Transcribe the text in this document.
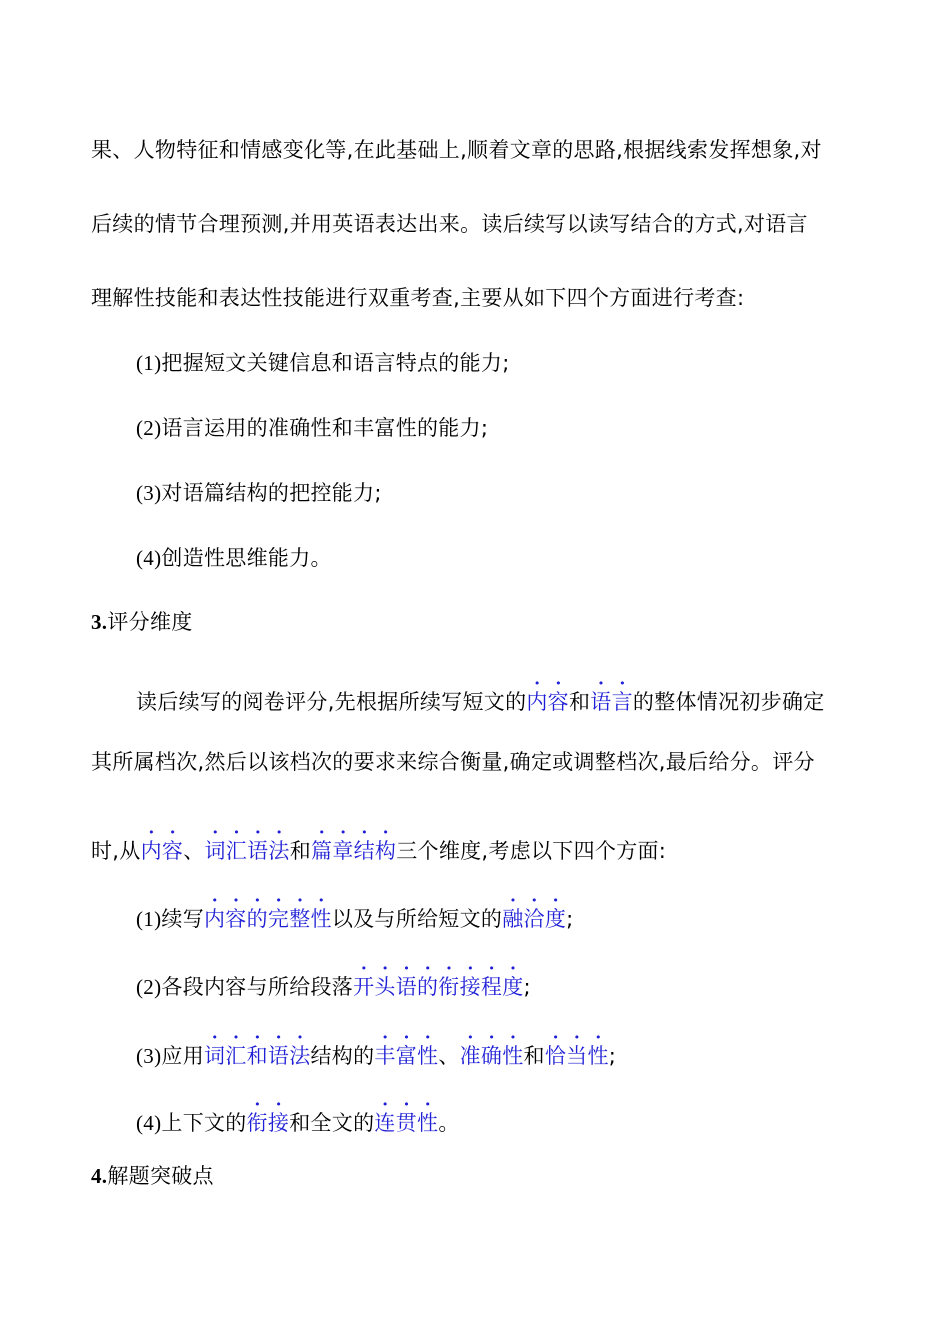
果、人物特征和情感变化等,在此基础上,顺着文章的思路,根据线索发挥想象,对

后续的情节合理预测,并用英语表达出来。读后续写以读写结合的方式,对语言

理解性技能和表达性技能进行双重考查,主要从如下四个方面进行考查:

(1)把握短文关键信息和语言特点的能力;

(2)语言运用的准确性和丰富性的能力;

(3)对语篇结构的把控能力;

(4)创造性思维能力。

3.评分维度

读后续写的阅卷评分,先根据所续写短文的内容和语言的整体情况初步确定

其所属档次,然后以该档次的要求来综合衡量,确定或调整档次,最后给分。评分

时,从内容、词汇语法和篇章结构三个维度,考虑以下四个方面:

(1)续写内容的完整性以及与所给短文的融洽度;

(2)各段内容与所给段落开头语的衔接程度;

(3)应用词汇和语法结构的丰富性、准确性和恰当性;

(4)上下文的衔接和全文的连贯性。

4.解题突破点
